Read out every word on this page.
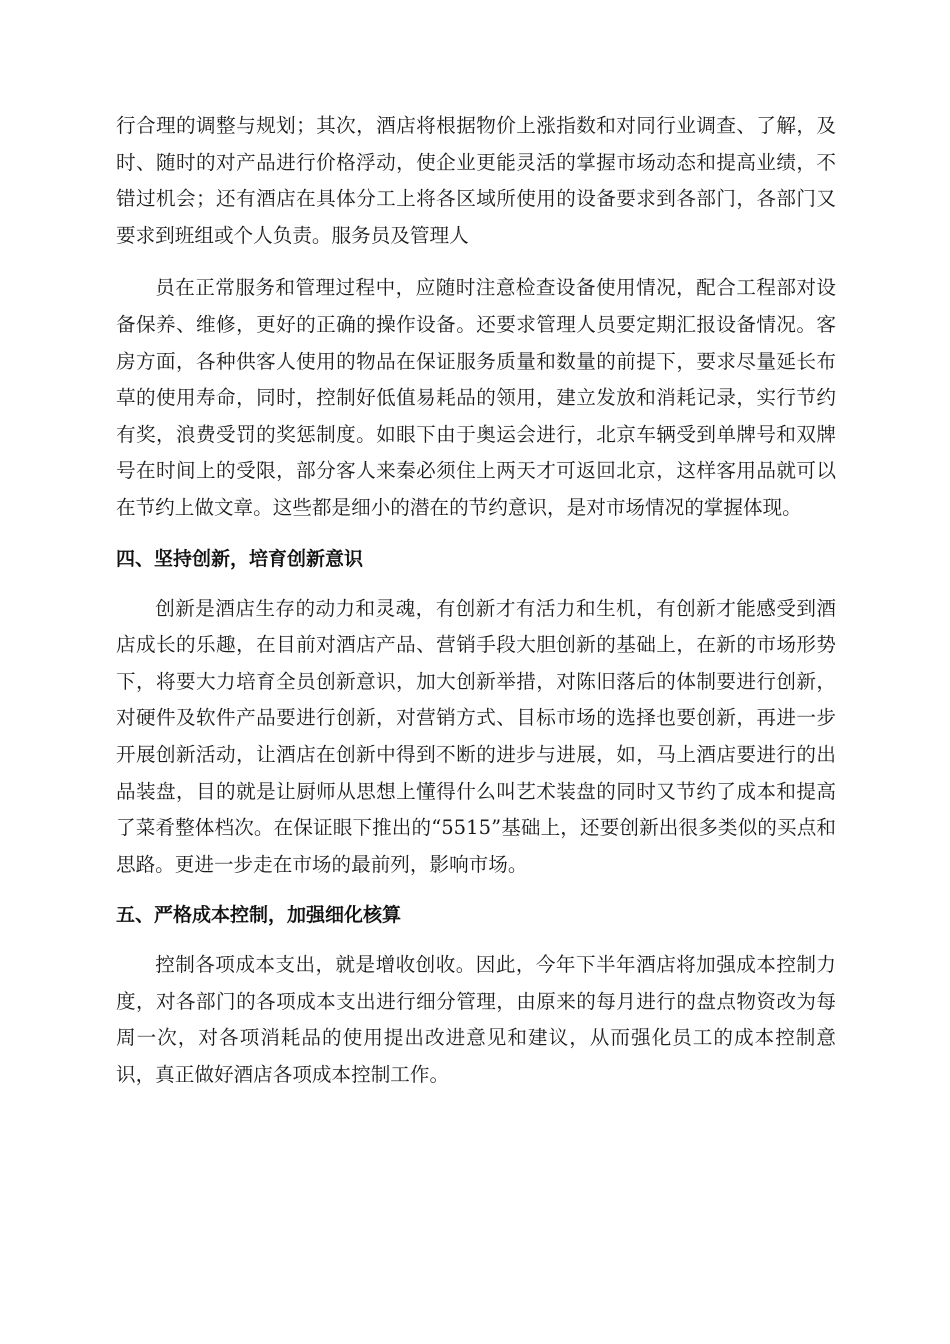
行合理的调整与规划；其次，酒店将根据物价上涨指数和对同行业调查、了解，及时、随时的对产品进行价格浮动，使企业更能灵活的掌握市场动态和提高业绩，不错过机会；还有酒店在具体分工上将各区域所使用的设备要求到各部门，各部门又要求到班组或个人负责。服务员及管理人

员在正常服务和管理过程中，应随时注意检查设备使用情况，配合工程部对设备保养、维修，更好的正确的操作设备。还要求管理人员要定期汇报设备情况。客房方面，各种供客人使用的物品在保证服务质量和数量的前提下，要求尽量延长布草的使用寿命，同时，控制好低值易耗品的领用，建立发放和消耗记录，实行节约有奖，浪费受罚的奖惩制度。如眼下由于奥运会进行，北京车辆受到单牌号和双牌号在时间上的受限，部分客人来秦必须住上两天才可返回北京，这样客用品就可以在节约上做文章。这些都是细小的潜在的节约意识，是对市场情况的掌握体现。

四、坚持创新，培育创新意识

创新是酒店生存的动力和灵魂，有创新才有活力和生机，有创新才能感受到酒店成长的乐趣，在目前对酒店产品、营销手段大胆创新的基础上，在新的市场形势下，将要大力培育全员创新意识，加大创新举措，对陈旧落后的体制要进行创新，对硬件及软件产品要进行创新，对营销方式、目标市场的选择也要创新，再进一步开展创新活动，让酒店在创新中得到不断的进步与进展，如，马上酒店要进行的出品装盘，目的就是让厨师从思想上懂得什么叫艺术装盘的同时又节约了成本和提高了菜肴整体档次。在保证眼下推出的“5515”基础上，还要创新出很多类似的买点和思路。更进一步走在市场的最前列，影响市场。

五、严格成本控制，加强细化核算

控制各项成本支出，就是增收创收。因此，今年下半年酒店将加强成本控制力度，对各部门的各项成本支出进行细分管理，由原来的每月进行的盘点物资改为每周一次，对各项消耗品的使用提出改进意见和建议，从而强化员工的成本控制意识，真正做好酒店各项成本控制工作。
